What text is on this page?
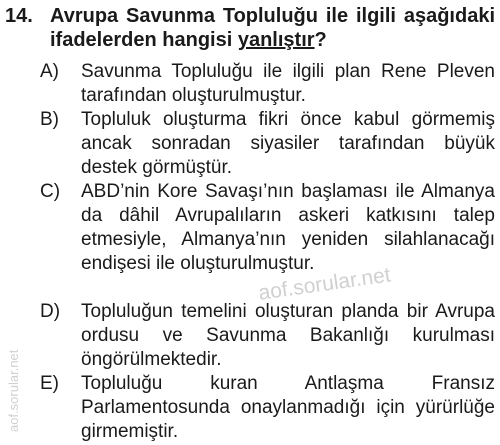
14. Avrupa Savunma Topluluğu ile ilgili aşağıdaki ifadelerden hangisi yanlıştır?

A)	Savunma Topluluğu ile ilgili plan Rene Pleven tarafından oluşturulmuştur.

B)	Topluluk oluşturma fikri önce kabul görmemiş ancak sonradan siyasiler tarafından büyük destek görmüştür.

C)	ABD’nin Kore Savaşı’nın başlaması ile Almanya da dâhil Avrupalıların askeri katkısını talep etmesiyle, Almanya’nın yeniden silahlanacağı endişesi ile oluşturulmuştur.

D)	Topluluğun temelini oluşturan planda bir Avrupa ordusu ve Savunma Bakanlığı kurulması öngörülmektedir.

E)	Topluluğu kuran Antlaşma Fransız Parlamentosunda onaylanmadığı için yürürlüğe girmemiştir.

aof.sorular.net
aof.sorular.net
